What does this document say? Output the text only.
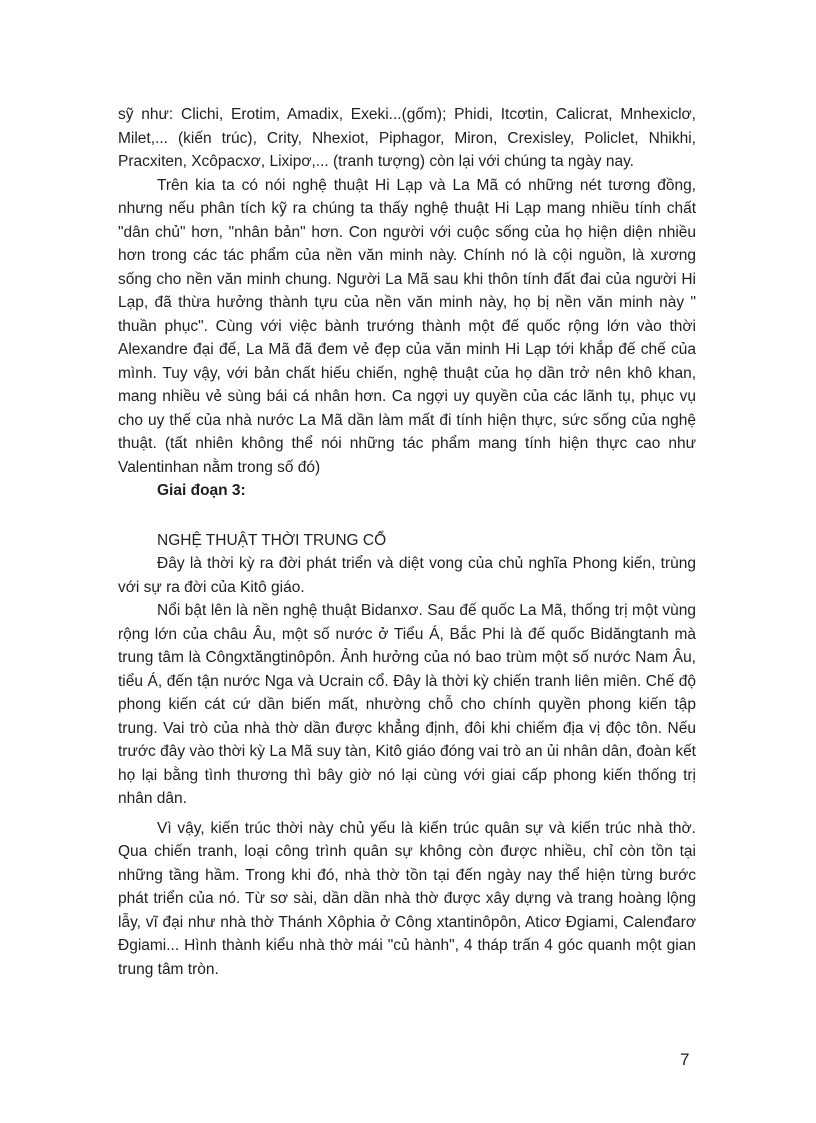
sỹ như: Clichi, Erotim, Amadix, Exeki...(gốm); Phidi, Itcơtin, Calicrat, Mnhexiclơ, Milet,... (kiến trúc), Crity, Nhexiot, Piphagor, Miron, Crexisley, Policlet, Nhikhi, Pracxiten, Xcôpacxơ, Lixipơ,... (tranh tượng) còn lại với chúng ta ngày nay.

Trên kia ta có nói nghệ thuật Hi Lạp và La Mã có những nét tương đồng, nhưng nếu phân tích kỹ ra chúng ta thấy nghệ thuật Hi Lạp mang nhiều tính chất "dân chủ" hơn, "nhân bản" hơn. Con người với cuộc sống của họ hiện diện nhiều hơn trong các tác phẩm của nền văn minh này. Chính nó là cội nguồn, là xương sống cho nền văn minh chung. Người La Mã sau khi thôn tính đất đai của người Hi Lạp, đã thừa hưởng thành tựu của nền văn minh này, họ bị nền văn minh này " thuần phục". Cùng với việc bành trướng thành một đế quốc rộng lớn vào thời Alexandre đại đế, La Mã đã đem vẻ đẹp của văn minh Hi Lạp tới khắp đế chế của mình. Tuy vậy, với bản chất hiếu chiến, nghệ thuật của họ dần trở nên khô khan, mang nhiều vẻ sùng bái cá nhân hơn. Ca ngợi uy quyền của các lãnh tụ, phục vụ cho uy thế của nhà nước La Mã dần làm mất đi tính hiện thực, sức sống của nghệ thuật. (tất nhiên không thể nói những tác phẩm mang tính hiện thực cao như Valentinhan nằm trong số đó)

Giai đoạn 3:

NGHỆ THUẬT THỜI TRUNG CỔ

Đây là thời kỳ ra đời phát triển và diệt vong của chủ nghĩa Phong kiến, trùng với sự ra đời của Kitô giáo.

Nổi bật lên là nền nghệ thuật Bidanxơ. Sau đế quốc La Mã, thống trị một vùng rộng lớn của châu Âu, một số nước ở Tiểu Á, Bắc Phi là đế quốc Bidăngtanh mà trung tâm là Côngxtăngtinôpôn. Ảnh hưởng của nó bao trùm một số nước Nam Âu, tiểu Á, đến tận nước Nga và Ucrain cổ. Đây là thời kỳ chiến tranh liên miên. Chế độ phong kiến cát cứ dần biến mất, nhường chỗ cho chính quyền phong kiến tập trung. Vai trò của nhà thờ dần được khẳng định, đôi khi chiếm địa vị độc tôn. Nếu trước đây vào thời kỳ La Mã suy tàn, Kitô giáo đóng vai trò an ủi nhân dân, đoàn kết họ lại bằng tình thương thì bây giờ nó lại cùng với giai cấp phong kiến thống trị nhân dân.

Vì vậy, kiến trúc thời này chủ yếu là kiến trúc quân sự và kiến trúc nhà thờ. Qua chiến tranh, loại công trình quân sự không còn được nhiều, chỉ còn tồn tại những tầng hầm. Trong khi đó, nhà thờ tồn tại đến ngày nay thể hiện từng bước phát triển của nó. Từ sơ sài, dần dần nhà thờ được xây dựng và trang hoàng lộng lẫy, vĩ đại như nhà thờ Thánh Xôphia ở Công xtantinôpôn, Aticơ Đgiami, Calenđarơ Đgiami... Hình thành kiểu nhà thờ mái "củ hành", 4 tháp trấn 4 góc quanh một gian trung tâm tròn.

7
